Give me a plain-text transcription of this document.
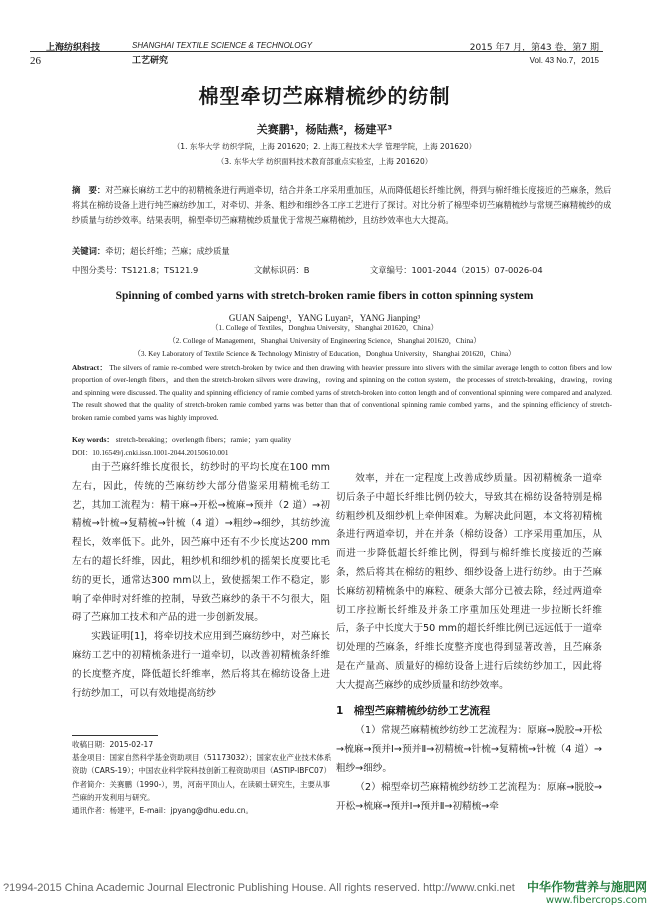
上海纺织科技	SHANGHAI TEXTILE SCIENCE & TECHNOLOGY	2015 年7 月，第43 卷，第7 期
26	工艺研究	Vol. 43 No.7，2015
棉型牵切苎麻精梳纱的纺制
关赛鹏¹，杨陆燕²，杨建平³
（1. 东华大学 纺织学院，上海 201620；2. 上海工程技术大学 管理学院，上海 201620）
（3. 东华大学 纺织面料技术教育部重点实验室，上海 201620）
摘　要：对苎麻长麻纺工艺中的初精梳条进行两道牵切，结合并条工序采用重加压，从而降低超长纤维比例，得到与棉纤维长度接近的苎麻条，然后将其在棉纺设备上进行纯苎麻纺纱加工，对牵切、并条、粗纱和细纱各工序工艺进行了探讨。对比分析了棉型牵切苎麻精梳纱与常规苎麻精梳纱的成纱质量与纺纱效率。结果表明，棉型牵切苎麻精梳纱质量优于常规苎麻精梳纱，且纺纱效率也大大提高。
关键词：牵切；超长纤维；苎麻；成纱质量
中图分类号：TS121.8；TS121.9	文献标识码：B	文章编号：1001-2044（2015）07-0026-04
Spinning of combed yarns with stretch-broken ramie fibers in cotton spinning system
GUAN Saipeng¹，YANG Luyan²，YANG Jianping³
（1. College of Textiles，Donghua University，Shanghai 201620，China）
（2. College of Management，Shanghai University of Engineering Science，Shanghai 201620，China）
（3. Key Laboratory of Textile Science & Technology Ministry of Education，Donghua University，Shanghai 201620，China）
Abstract： The silvers of ramie re-combed were stretch-broken by twice and then drawing with heavier pressure into slivers with the similar average length to cotton fibers and low proportion of over-length fibers，and then the stretch-broken silvers were drawing，roving and spinning on the cotton system，the processes of stretch-breaking，drawing，roving and spinning were discussed. The quality and spinning efficiency of ramie combed yarns of stretch-broken into cotton length and of conventional spinning were compared and analyzed. The result showed that the quality of stretch-broken ramie combed yarns was better than that of conventional spinning ramie combed yarns，and the spinning efficiency of stretch-broken ramie combed yarns was highly improved.
Key words： stretch-breaking；overlength fibers；ramie；yarn quality
DOI：10.16549/j.cnki.issn.1001-2044.20150610.001

由于苎麻纤维长度很长，纺纱时的平均长度在100 mm左右，因此，传统的苎麻纺纱大部分借鉴采用精梳毛纺工艺，其加工流程为：精干麻→开松→梳麻→预并（2 道）→初精梳→针梳→复精梳→针梳（4 道）→粗纱→细纱，其纺纱流程长，效率低下。此外，因苎麻中还有不少长度达200 mm左右的超长纤维，因此，粗纱机和细纱机的摇架长度要比毛纺的更长，通常达300 mm以上，致使摇架工作不稳定，影响了牵伸时对纤维的控制，导致苎麻纱的条干不匀很大，阻碍了苎麻加工技术和产品的进一步创新发展。

实践证明[1]，将牵切技术应用到苎麻纺纱中，对苎麻长麻纺工艺中的初精梳条进行一道牵切，以改善初精梳条纤维的长度整齐度，降低超长纤维率，然后将其在棉纺设备上进行纺纱加工，可以有效地提高纺纱

收稿日期：2015-02-17
基金项目：国家自然科学基金资助项目（51173032）；国家农业产业技术体系资助（CARS-19）；中国农业科学院科技创新工程资助项目（ASTIP-IBFC07）
作者简介：关赛鹏（1990-），男，河南平顶山人，在读硕士研究生，主要从事苎麻的开发利用与研究。
通讯作者：杨建平，E-mail：jpyang@dhu.edu.cn。

效率，并在一定程度上改善成纱质量。因初精梳条一道牵切后条子中超长纤维比例仍较大，导致其在棉纺设备特别是棉纺粗纱机及细纱机上牵伸困难。为解决此问题，本文将初精梳条进行两道牵切，并在并条（棉纺设备）工序采用重加压，从而进一步降低超长纤维比例，得到与棉纤维长度接近的苎麻条，然后将其在棉纺的粗纱、细纱设备上进行纺纱。由于苎麻长麻纺初精梳条中的麻粒、硬条大部分已被去除，经过两道牵切工序拉断长纤维及并条工序重加压处理进一步拉断长纤维后，条子中长度大于50 mm的超长纤维比例已远远低于一道牵切处理的苎麻条，纤维长度整齐度也得到显著改善，且苎麻条是在产量高、质量好的棉纺设备上进行后续纺纱加工，因此将大大提高苎麻纱的成纱质量和纺纱效率。

1　棉型苎麻精梳纱纺纱工艺流程

（1）常规苎麻精梳纱纺纱工艺流程为：原麻→脱胶→开松→梳麻→预并Ⅰ→预并Ⅱ→初精梳→针梳→复精梳→针梳（4 道）→粗纱→细纱。

（2）棉型牵切苎麻精梳纱纺纱工艺流程为：原麻→脱胶→开松→梳麻→预并Ⅰ→预并Ⅱ→初精梳→牵

?1994-2015 China Academic Journal Electronic Publishing House. All rights reserved. http://www.cnki.net	中华作物营养与施肥网
www.fibercrops.com
